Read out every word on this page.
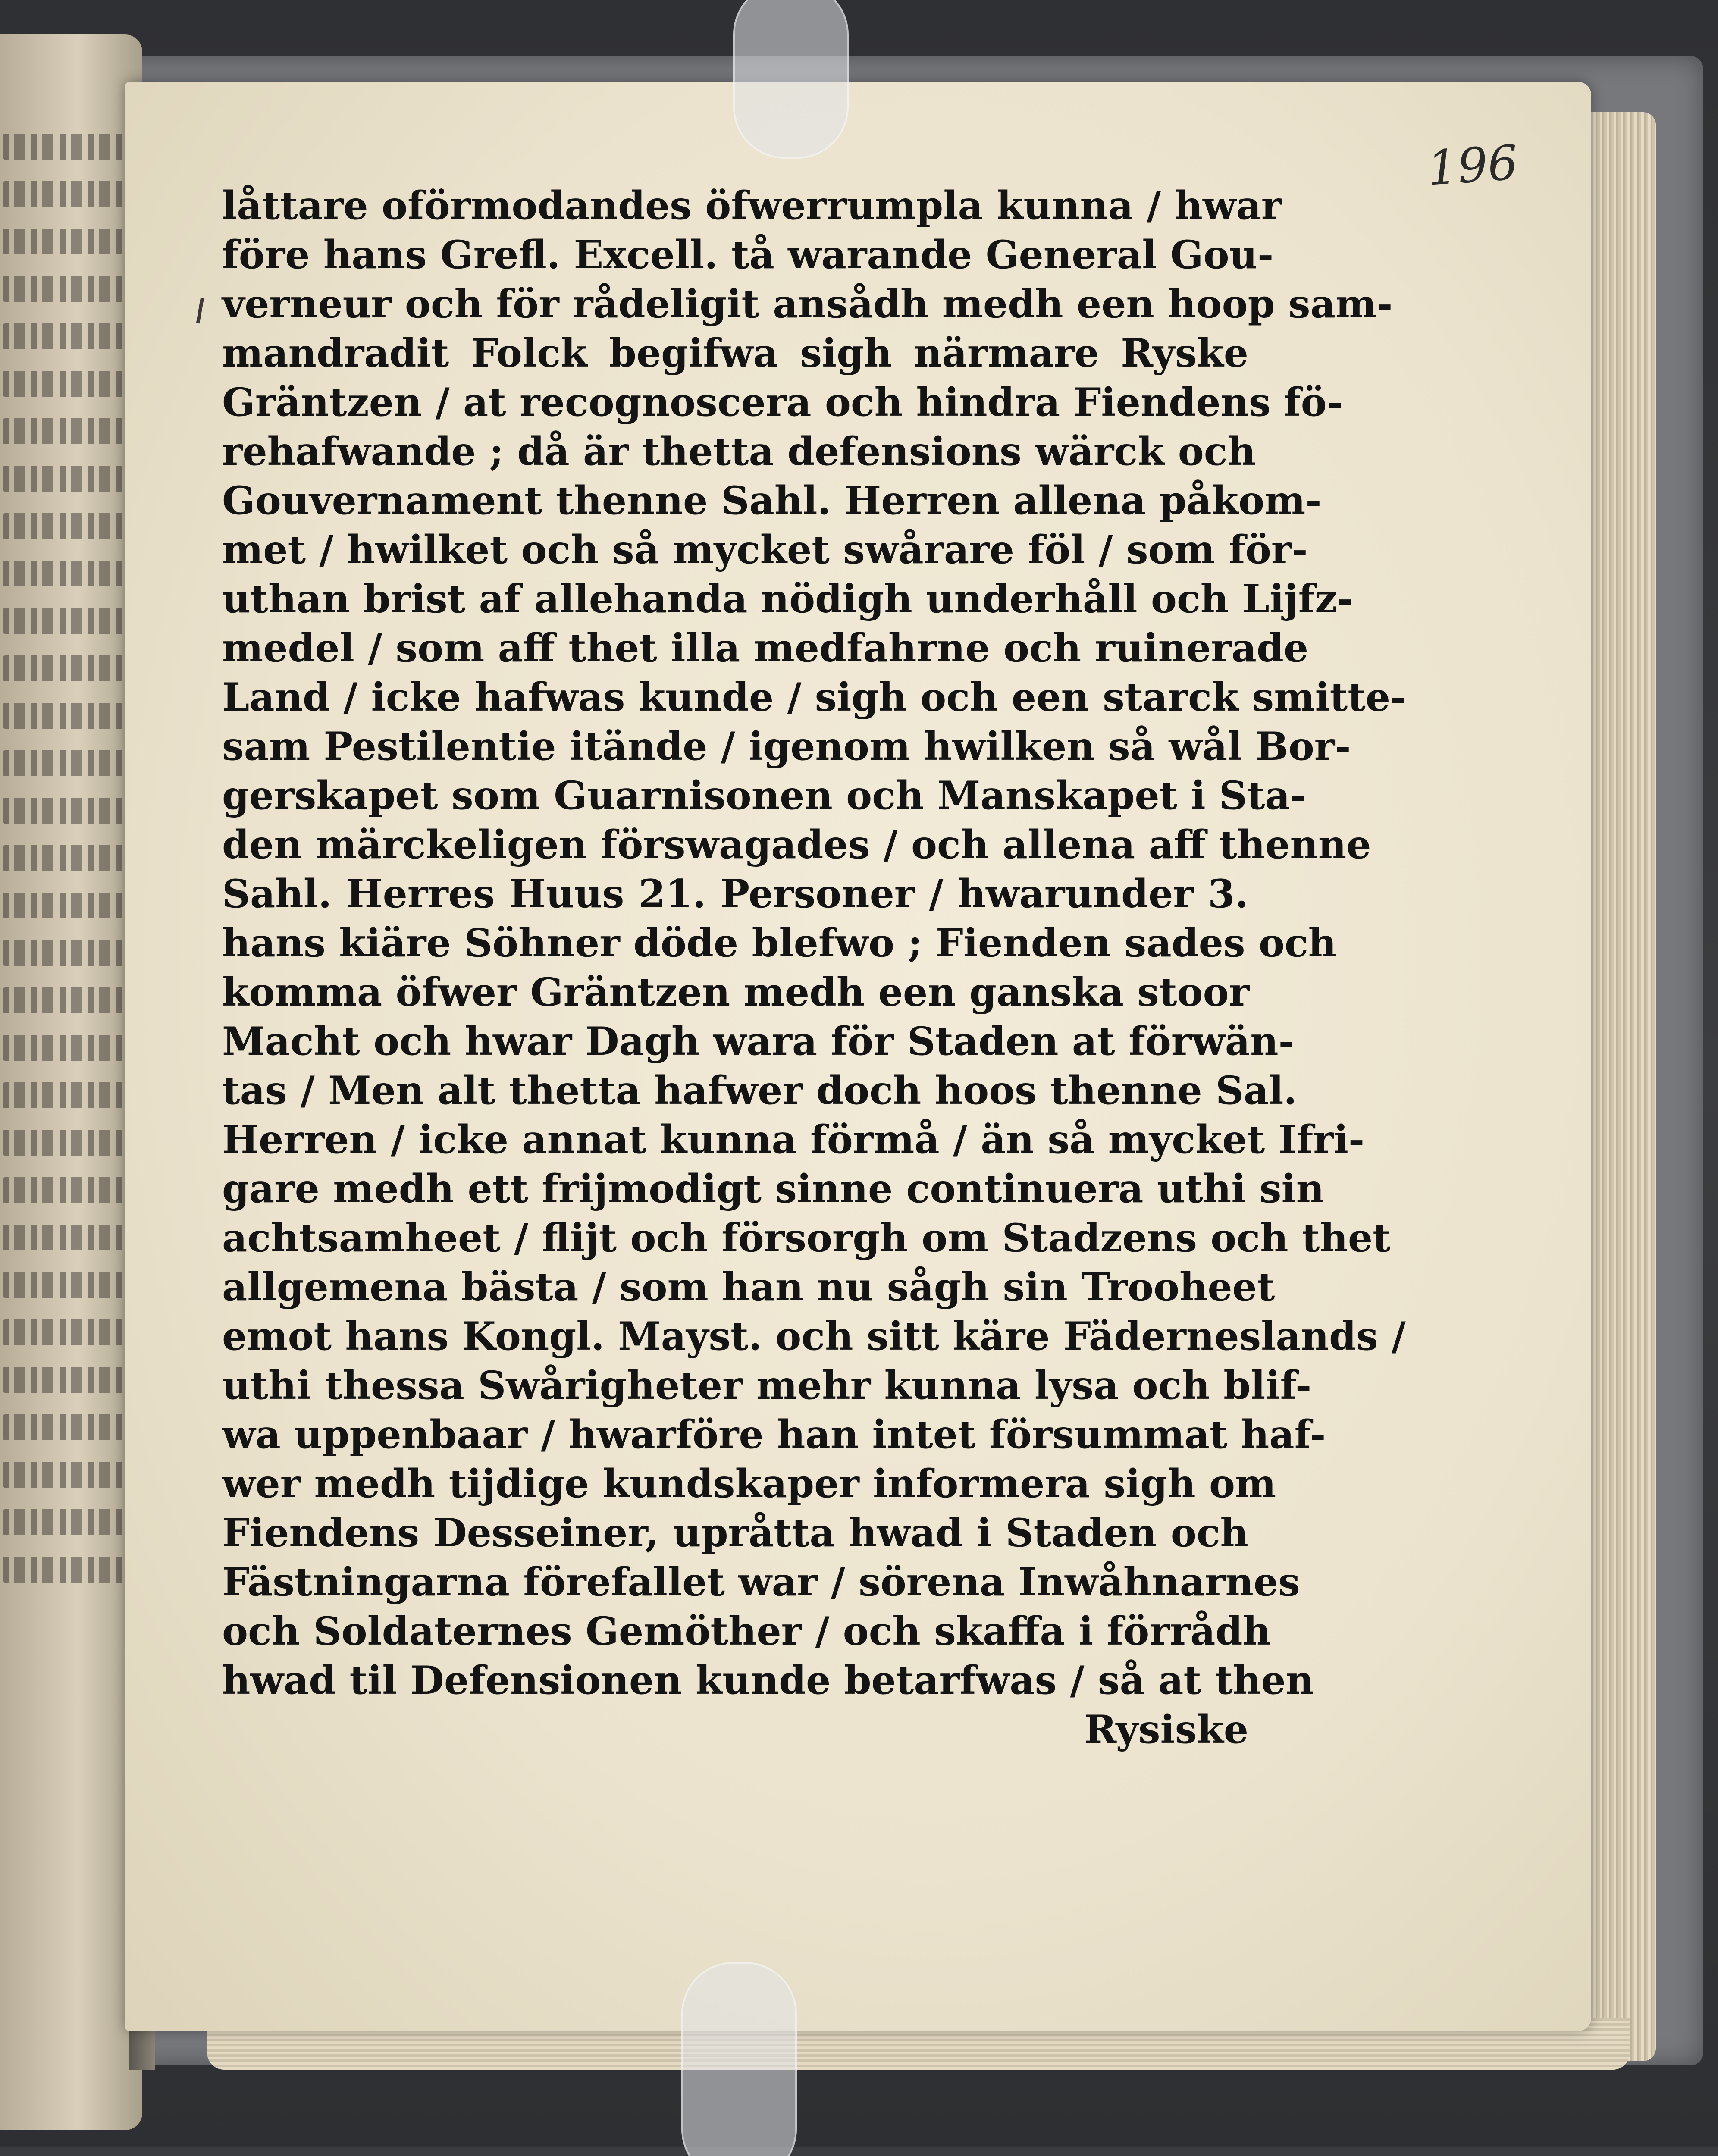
196
låttare oförmodandes öfwerrumpla kunna / hwar
före hans Grefl. Excell. tå warande General Gou-
verneur och för rådeligit ansådh medh een hoop sam-
mandradit Folck begifwa sigh närmare Ryske
Gräntzen / at recognoscera och hindra Fiendens fö-
rehafwande ; då är thetta defensions wärck och
Gouvernament thenne Sahl. Herren allena påkom-
met / hwilket och så mycket swårare föl / som för-
uthan brist af allehanda nödigh underhåll och Lijfz-
medel / som aff thet illa medfahrne och ruinerade
Land / icke hafwas kunde / sigh och een starck smitte-
sam Pestilentie itände / igenom hwilken så wål Bor-
gerskapet som Guarnisonen och Manskapet i Sta-
den märckeligen förswagades / och allena aff thenne
Sahl. Herres Huus 21. Personer / hwarunder 3.
hans kiäre Söhner döde blefwo ; Fienden sades och
komma öfwer Gräntzen medh een ganska stoor
Macht och hwar Dagh wara för Staden at förwän-
tas / Men alt thetta hafwer doch hoos thenne Sal.
Herren / icke annat kunna förmå / än så mycket Ifri-
gare medh ett frijmodigt sinne continuera uthi sin
achtsamheet / flijt och försorgh om Stadzens och thet
allgemena bästa / som han nu sågh sin Trooheet
emot hans Kongl. Mayst. och sitt käre Fäderneslands /
uthi thessa Swårigheter mehr kunna lysa och blif-
wa uppenbaar / hwarföre han intet försummat haf-
wer medh tijdige kundskaper informera sigh om
Fiendens Desseiner, upråtta hwad i Staden och
Fästningarna förefallet war / sörena Inwåhnarnes
och Soldaternes Gemöther / och skaffa i förrådh
hwad til Defensionen kunde betarfwas / så at then
Rysiske
